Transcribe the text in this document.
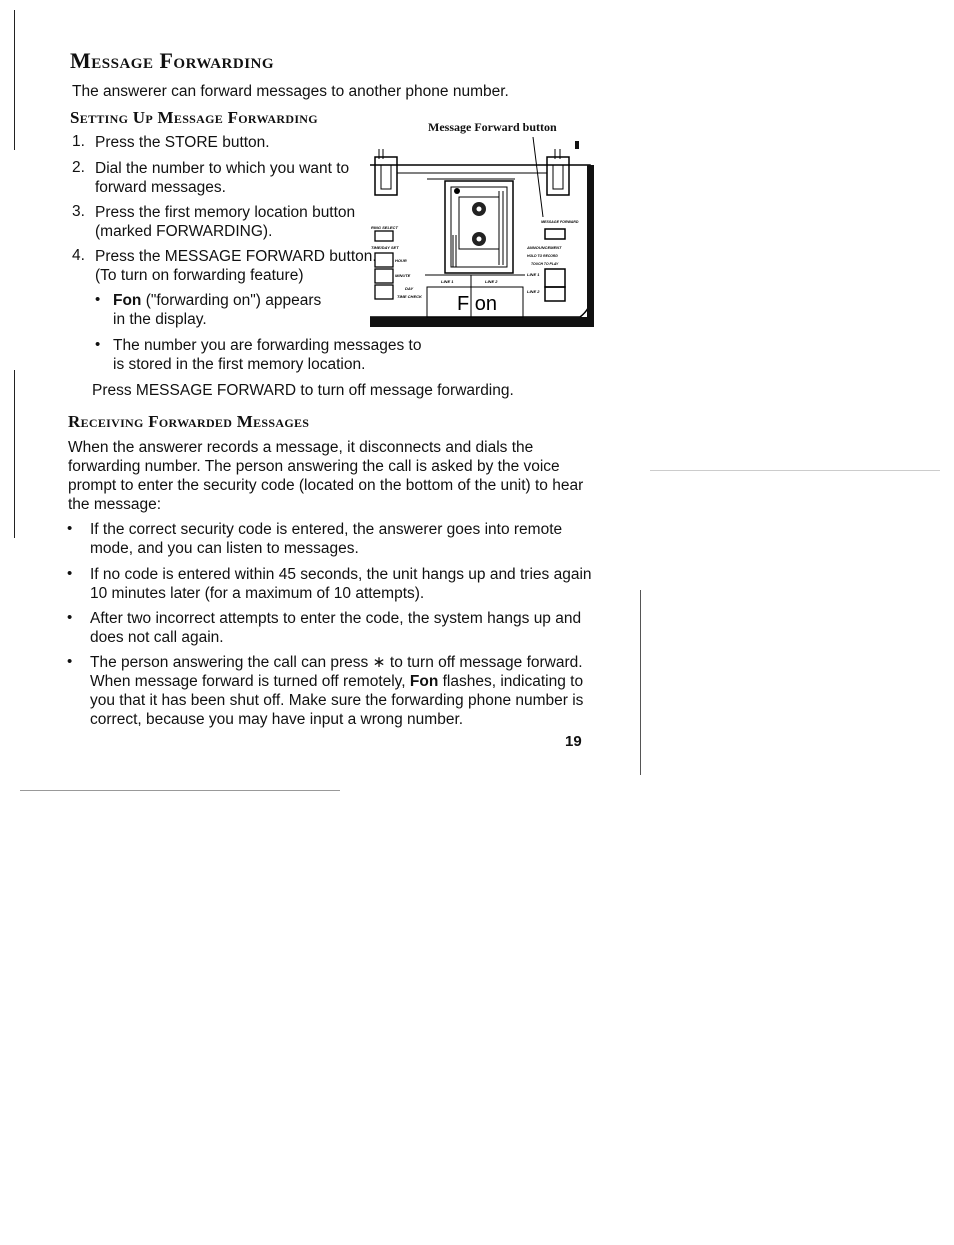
Message Forwarding
The answerer can forward messages to another phone number.
Setting Up Message Forwarding
1. Press the STORE button.
2. Dial the number to which you want to
forward messages.
3. Press the first memory location button
(marked FORWARDING).
4. Press the MESSAGE FORWARD button.
(To turn on forwarding feature)
• Fon ("forwarding on") appears
in the display.
• The number you are forwarding messages to
is stored in the first memory location.
Press MESSAGE FORWARD to turn off message forwarding.
Message Forward button
RING SELECT
TIME/DAY SET
HOUR
MINUTE
DAY
TIME CHECK
LINE 1	LINE 2
F on
MESSAGE FORWARD
ANNOUNCEMENT
HOLD TO RECORD
TOUCH TO PLAY
LINE 1
LINE 2
Receiving Forwarded Messages
When the answerer records a message, it disconnects and dials the
forwarding number. The person answering the call is asked by the voice
prompt to enter the security code (located on the bottom of the unit) to hear
the message:
• If the correct security code is entered, the answerer goes into remote
mode, and you can listen to messages.
• If no code is entered within 45 seconds, the unit hangs up and tries again
10 minutes later (for a maximum of 10 attempts).
• After two incorrect attempts to enter the code, the system hangs up and
does not call again.
• The person answering the call can press ∗ to turn off message forward.
When message forward is turned off remotely, Fon flashes, indicating to
you that it has been shut off. Make sure the forwarding phone number is
correct, because you may have input a wrong number.
19
